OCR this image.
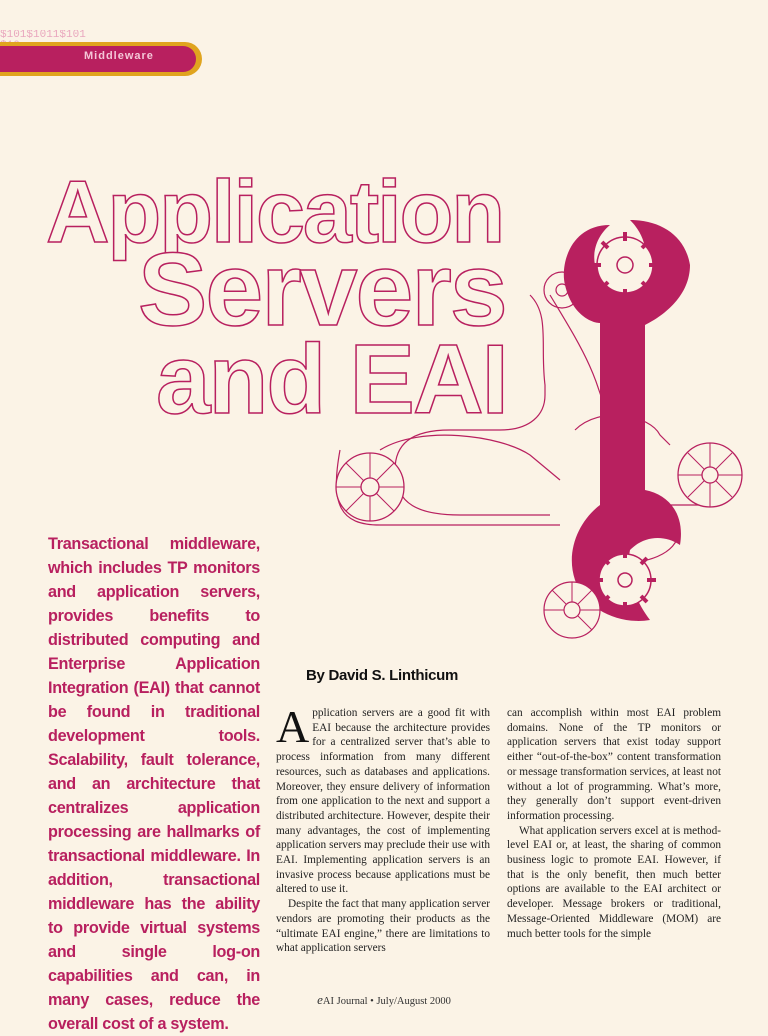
$101$1011$101

Middleware
Application
Servers
and EAI
Transactional middleware, which includes TP monitors and application servers, provides benefits to distributed computing and Enterprise Application Integration (EAI) that cannot be found in traditional development tools. Scalability, fault tolerance, and an architecture that centralizes application processing are hallmarks of transactional middleware. In addition, transactional middleware has the ability to provide virtual systems and single log-on capabilities and can, in many cases, reduce the overall cost of a system.
By David S. Linthicum

Application servers are a good fit with EAI because the architecture provides for a centralized server that’s able to process information from many different resources, such as databases and applications. Moreover, they ensure delivery of information from one application to the next and support a distributed architecture. However, despite their many advantages, the cost of implementing application servers may preclude their use with EAI. Implementing application servers is an invasive process because applications must be altered to use it.

Despite the fact that many application server vendors are promoting their products as the “ultimate EAI engine,” there are limitations to what application servers

can accomplish within most EAI problem domains. None of the TP monitors or application servers that exist today support either “out-of-the-box” content transformation or message transformation services, at least not without a lot of programming. What’s more, they generally don’t support event-driven information processing.

What application servers excel at is method-level EAI or, at least, the sharing of common business logic to promote EAI. However, if that is the only benefit, then much better options are available to the EAI architect or developer. Message brokers or traditional, Message-Oriented Middleware (MOM) are much better tools for the simple

eAI Journal • July/August 2000
